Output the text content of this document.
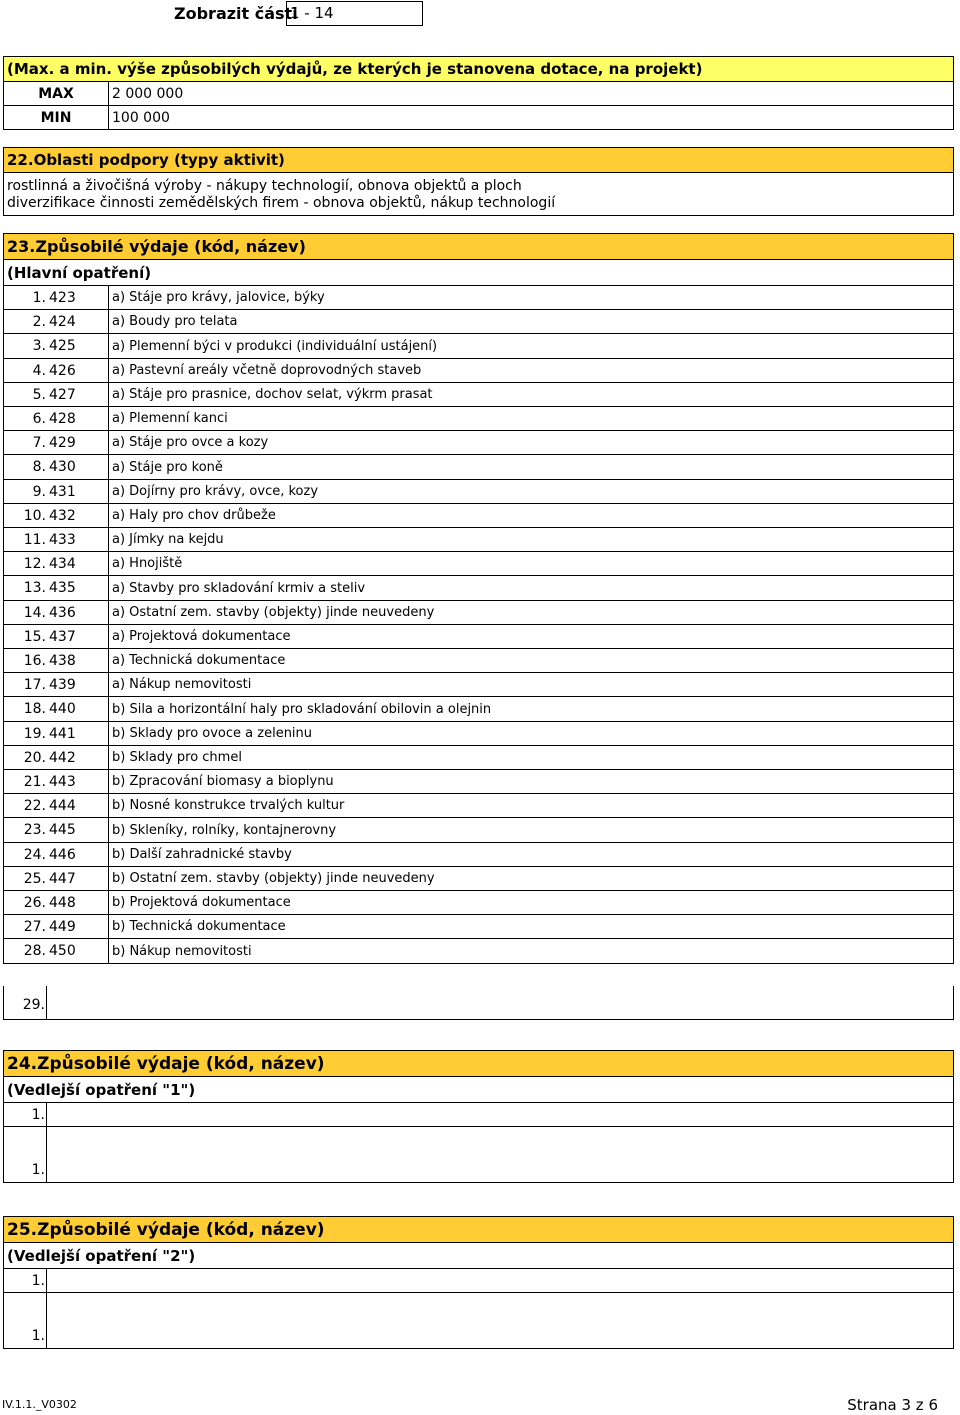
Zobrazit části
1 - 14
(Max. a min. výše způsobilých výdajů, ze kterých je stanovena dotace, na projekt)
MAX	2 000 000
MIN	100 000
22.Oblasti podpory (typy aktivit)
rostlinná a živočišná výroby - nákupy technologií, obnova objektů a ploch
diverzifikace činnosti zemědělských firem - obnova objektů, nákup technologií
23.Způsobilé výdaje (kód, název)
(Hlavní opatření)
1. 423	a) Stáje pro krávy, jalovice, býky
2. 424	a) Boudy pro telata
3. 425	a) Plemenní býci v produkci (individuální ustájení)
4. 426	a) Pastevní areály včetně doprovodných staveb
5. 427	a) Stáje pro prasnice, dochov selat, výkrm prasat
6. 428	a) Plemenní kanci
7. 429	a) Stáje pro ovce a kozy
8. 430	a) Stáje pro koně
9. 431	a) Dojírny pro krávy, ovce, kozy
10. 432	a) Haly pro chov drůbeže
11. 433	a) Jímky na kejdu
12. 434	a) Hnojiště
13. 435	a) Stavby pro skladování krmiv a steliv
14. 436	a) Ostatní zem. stavby (objekty) jinde neuvedeny
15. 437	a) Projektová dokumentace
16. 438	a) Technická dokumentace
17. 439	a) Nákup nemovitosti
18. 440	b) Sila a horizontální haly pro skladování obilovin a olejnin
19. 441	b) Sklady pro ovoce a zeleninu
20. 442	b) Sklady pro chmel
21. 443	b) Zpracování biomasy a bioplynu
22. 444	b) Nosné konstrukce trvalých kultur
23. 445	b) Skleníky, rolníky, kontajnerovny
24. 446	b) Další zahradnické stavby
25. 447	b) Ostatní zem. stavby (objekty) jinde neuvedeny
26. 448	b) Projektová dokumentace
27. 449	b) Technická dokumentace
28. 450	b) Nákup nemovitosti
29.
24.Způsobilé výdaje (kód, název)
(Vedlejší opatření "1")
1.
1.
25.Způsobilé výdaje (kód, název)
(Vedlejší opatření "2")
1.
1.
IV.1.1._V0302	Strana 3 z 6
